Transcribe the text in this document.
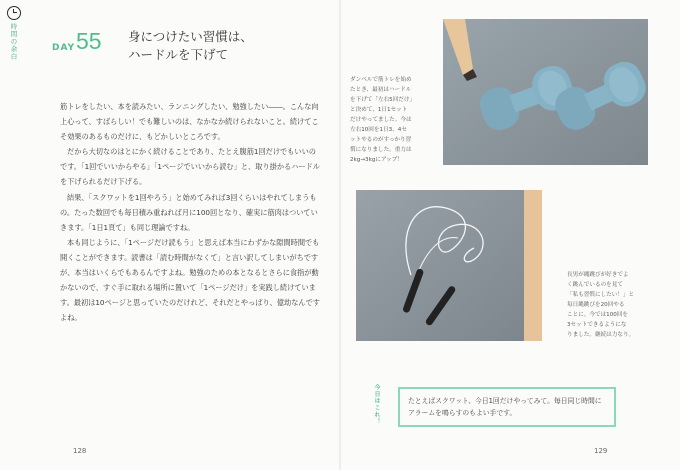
時間の余白	DAY 55 身につけたい習慣は、
ハードルを下げて

筋トレをしたい、本を読みたい、ランニングしたい、勉強したい――。こんな向上心って、すばらしい！でも難しいのは、なかなか続けられないこと。続けてこそ効果のあるものだけに、もどかしいところです。

だから大切なのはとにかく続けることであり、たとえ腹筋1回だけでもいいのです。「1回でいいからやる」「1ページでいいから読む」と、取り掛かるハードルを下げられるだけ下げる。

結果、「スクワットを1回やろう」と始めてみれば3回くらいはやれてしまうもの。たった数回でも毎日積み重ねれば月に100回となり、確実に筋肉はついていきます。「1日1頁て」も同じ理論ですね。

本も同じように、「1ページだけ読もう」と思えば本当にわずかな隙間時間でも開くことができます。読書は「読む時間がなくて」と言い訳してしまいがちですが、本当はいくらでもあるんですよね。勉強のための本となるとさらに食指が動かないので、すぐ手に取れる場所に置いて「1ページだけ」を実践し続けています。最初は10ページと思っていたのだけれど、それだとやっぱり、億劫なんですよね。

128
ダンベルで筋トレを始め
たとき、最初はハードル
を下げて「左右5回だけ」
と決めて、1日1セット
だけやってました。今は
左右10回を1日3、4セ
ットやるのがすっかり習
慣になりました。重力は
2kg→3kgにアップ！
長男が縄跳びが好きでよ
く跳んでいるのを見て
「私も習慣にしたい！」と
毎日縄跳びを20回やる
ことに。今では100回を
3セットできるようにな
りました。継続は力なり。
今日はこれ！	たとえばスクワット、今日1回だけやってみて。毎日同じ時間にアラームを鳴らすのもよい手です。
129
